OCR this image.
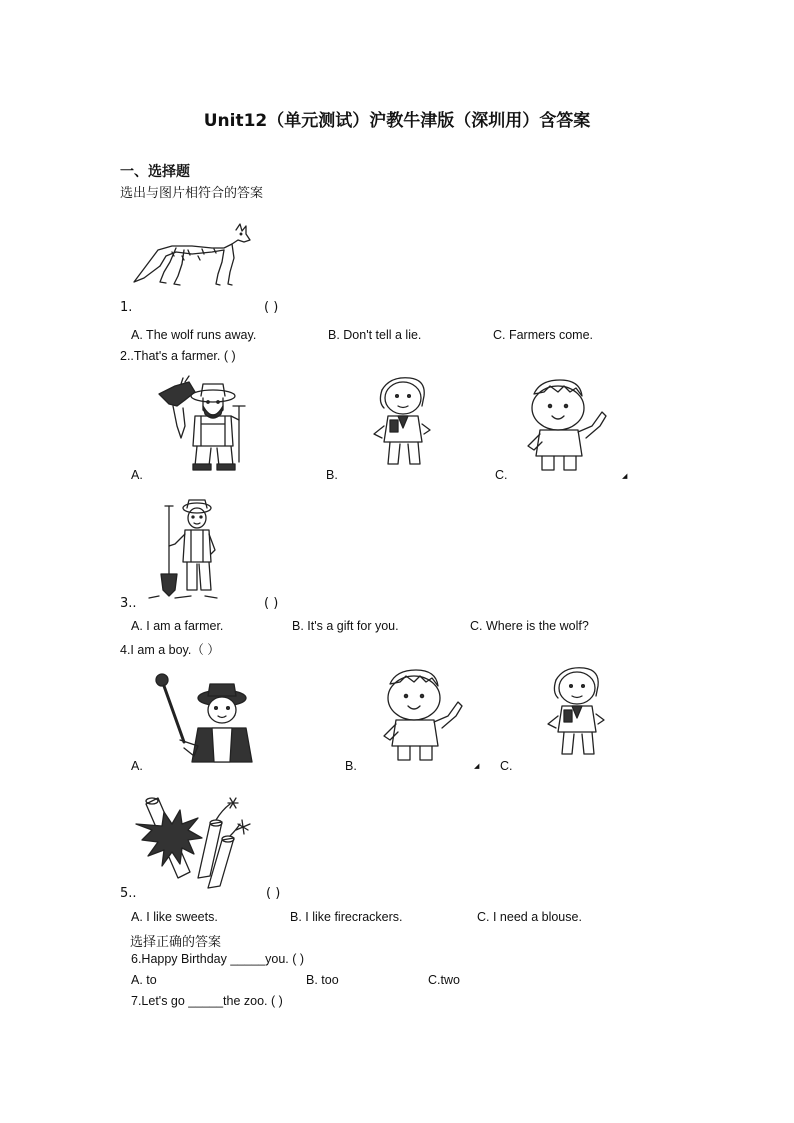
Unit12（单元测试）沪教牛津版（深圳用）含答案
一、选择题
选出与图片相符合的答案
1.	( )
A. The wolf runs away.	B. Don't tell a lie.	C. Farmers come.
2..That's a farmer. ( )
A.	B.	C.	◢
3..	( )
A. I am a farmer.	B. It's a gift for you.	C. Where is the wolf?
4.I am a boy.（ ）
A.	B.	◢ C.
5..	( )
A. I like sweets.	B. I like firecrackers.	C. I need a blouse.
选择正确的答案
6.Happy Birthday _____you. ( )
A. to	B. too	C.two
7.Let's go _____the zoo. ( )
